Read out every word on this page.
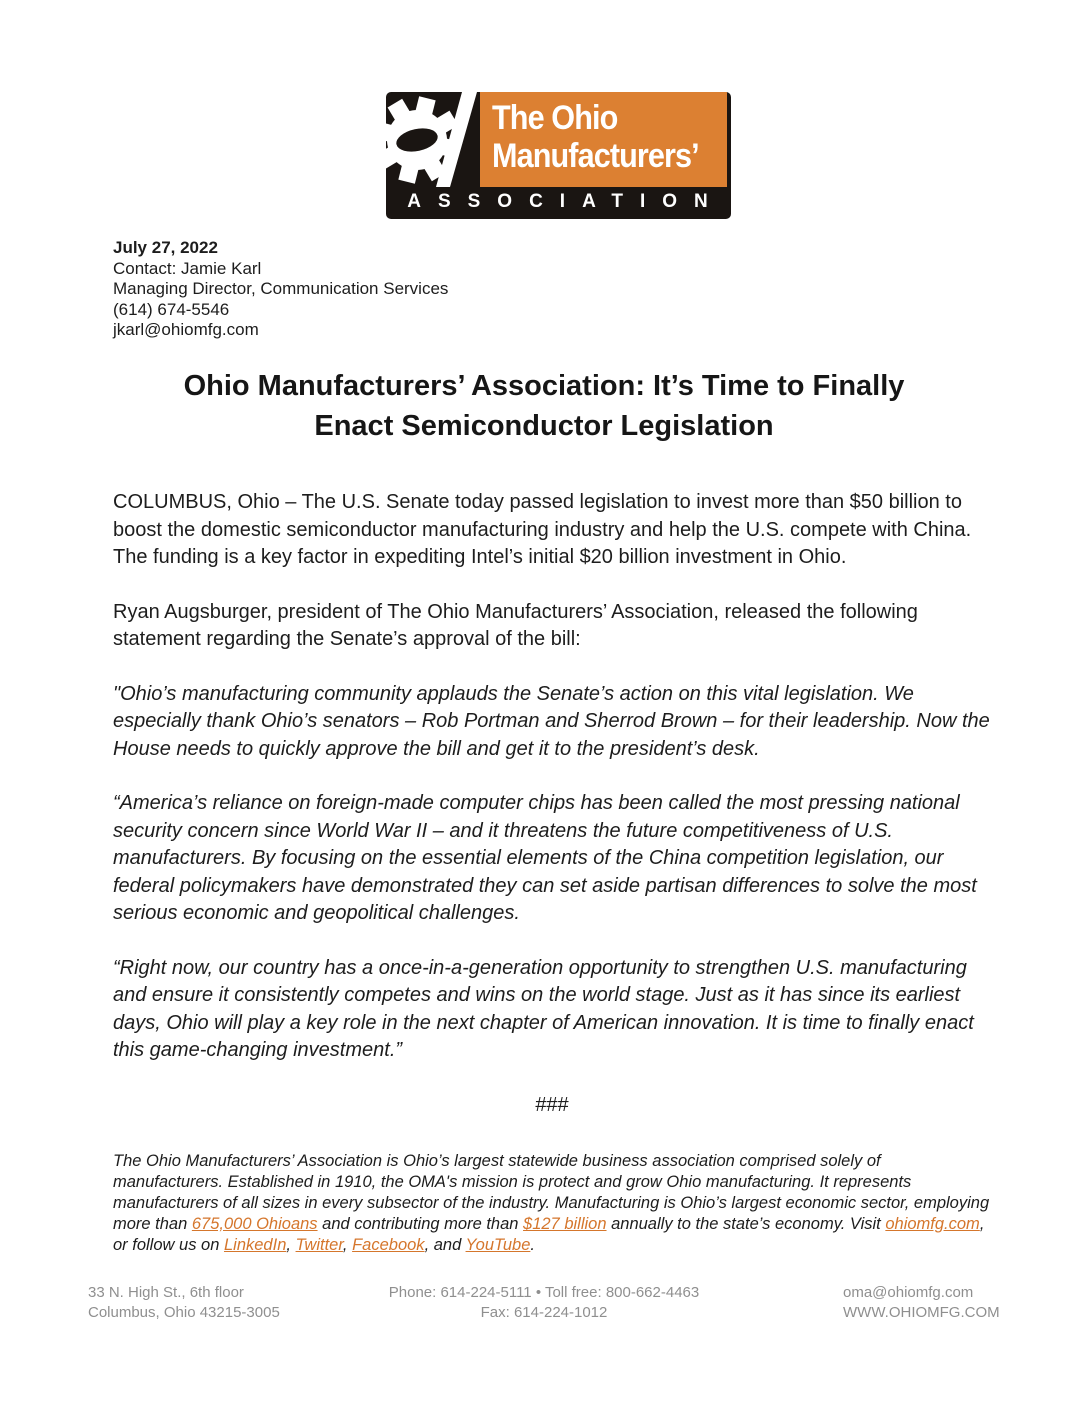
The Ohio
Manufacturers’
ASSOCIATION
July 27, 2022
Contact: Jamie Karl
Managing Director, Communication Services
(614) 674-5546
jkarl@ohiomfg.com
Ohio Manufacturers’ Association: It’s Time to Finally
Enact Semiconductor Legislation

COLUMBUS, Ohio – The U.S. Senate today passed legislation to invest more than $50 billion to boost the domestic semiconductor manufacturing industry and help the U.S. compete with China. The funding is a key factor in expediting Intel’s initial $20 billion investment in Ohio.

Ryan Augsburger, president of The Ohio Manufacturers’ Association, released the following statement regarding the Senate’s approval of the bill:

"Ohio’s manufacturing community applauds the Senate’s action on this vital legislation. We especially thank Ohio’s senators – Rob Portman and Sherrod Brown – for their leadership. Now the House needs to quickly approve the bill and get it to the president’s desk.

“America’s reliance on foreign-made computer chips has been called the most pressing national security concern since World War II – and it threatens the future competitiveness of U.S. manufacturers. By focusing on the essential elements of the China competition legislation, our federal policymakers have demonstrated they can set aside partisan differences to solve the most serious economic and geopolitical challenges.

“Right now, our country has a once-in-a-generation opportunity to strengthen U.S. manufacturing and ensure it consistently competes and wins on the world stage. Just as it has since its earliest days, Ohio will play a key role in the next chapter of American innovation. It is time to finally enact this game-changing investment.”

###

The Ohio Manufacturers’ Association is Ohio’s largest statewide business association comprised solely of manufacturers. Established in 1910, the OMA's mission is protect and grow Ohio manufacturing. It represents manufacturers of all sizes in every subsector of the industry. Manufacturing is Ohio’s largest economic sector, employing more than 675,000 Ohioans and contributing more than $127 billion annually to the state’s economy. Visit ohiomfg.com, or follow us on LinkedIn, Twitter, Facebook, and YouTube.

33 N. High St., 6th floor
Columbus, Ohio 43215-3005
Phone: 614-224-5111 • Toll free: 800-662-4463
Fax: 614-224-1012
oma@ohiomfg.com
WWW.OHIOMFG.COM
